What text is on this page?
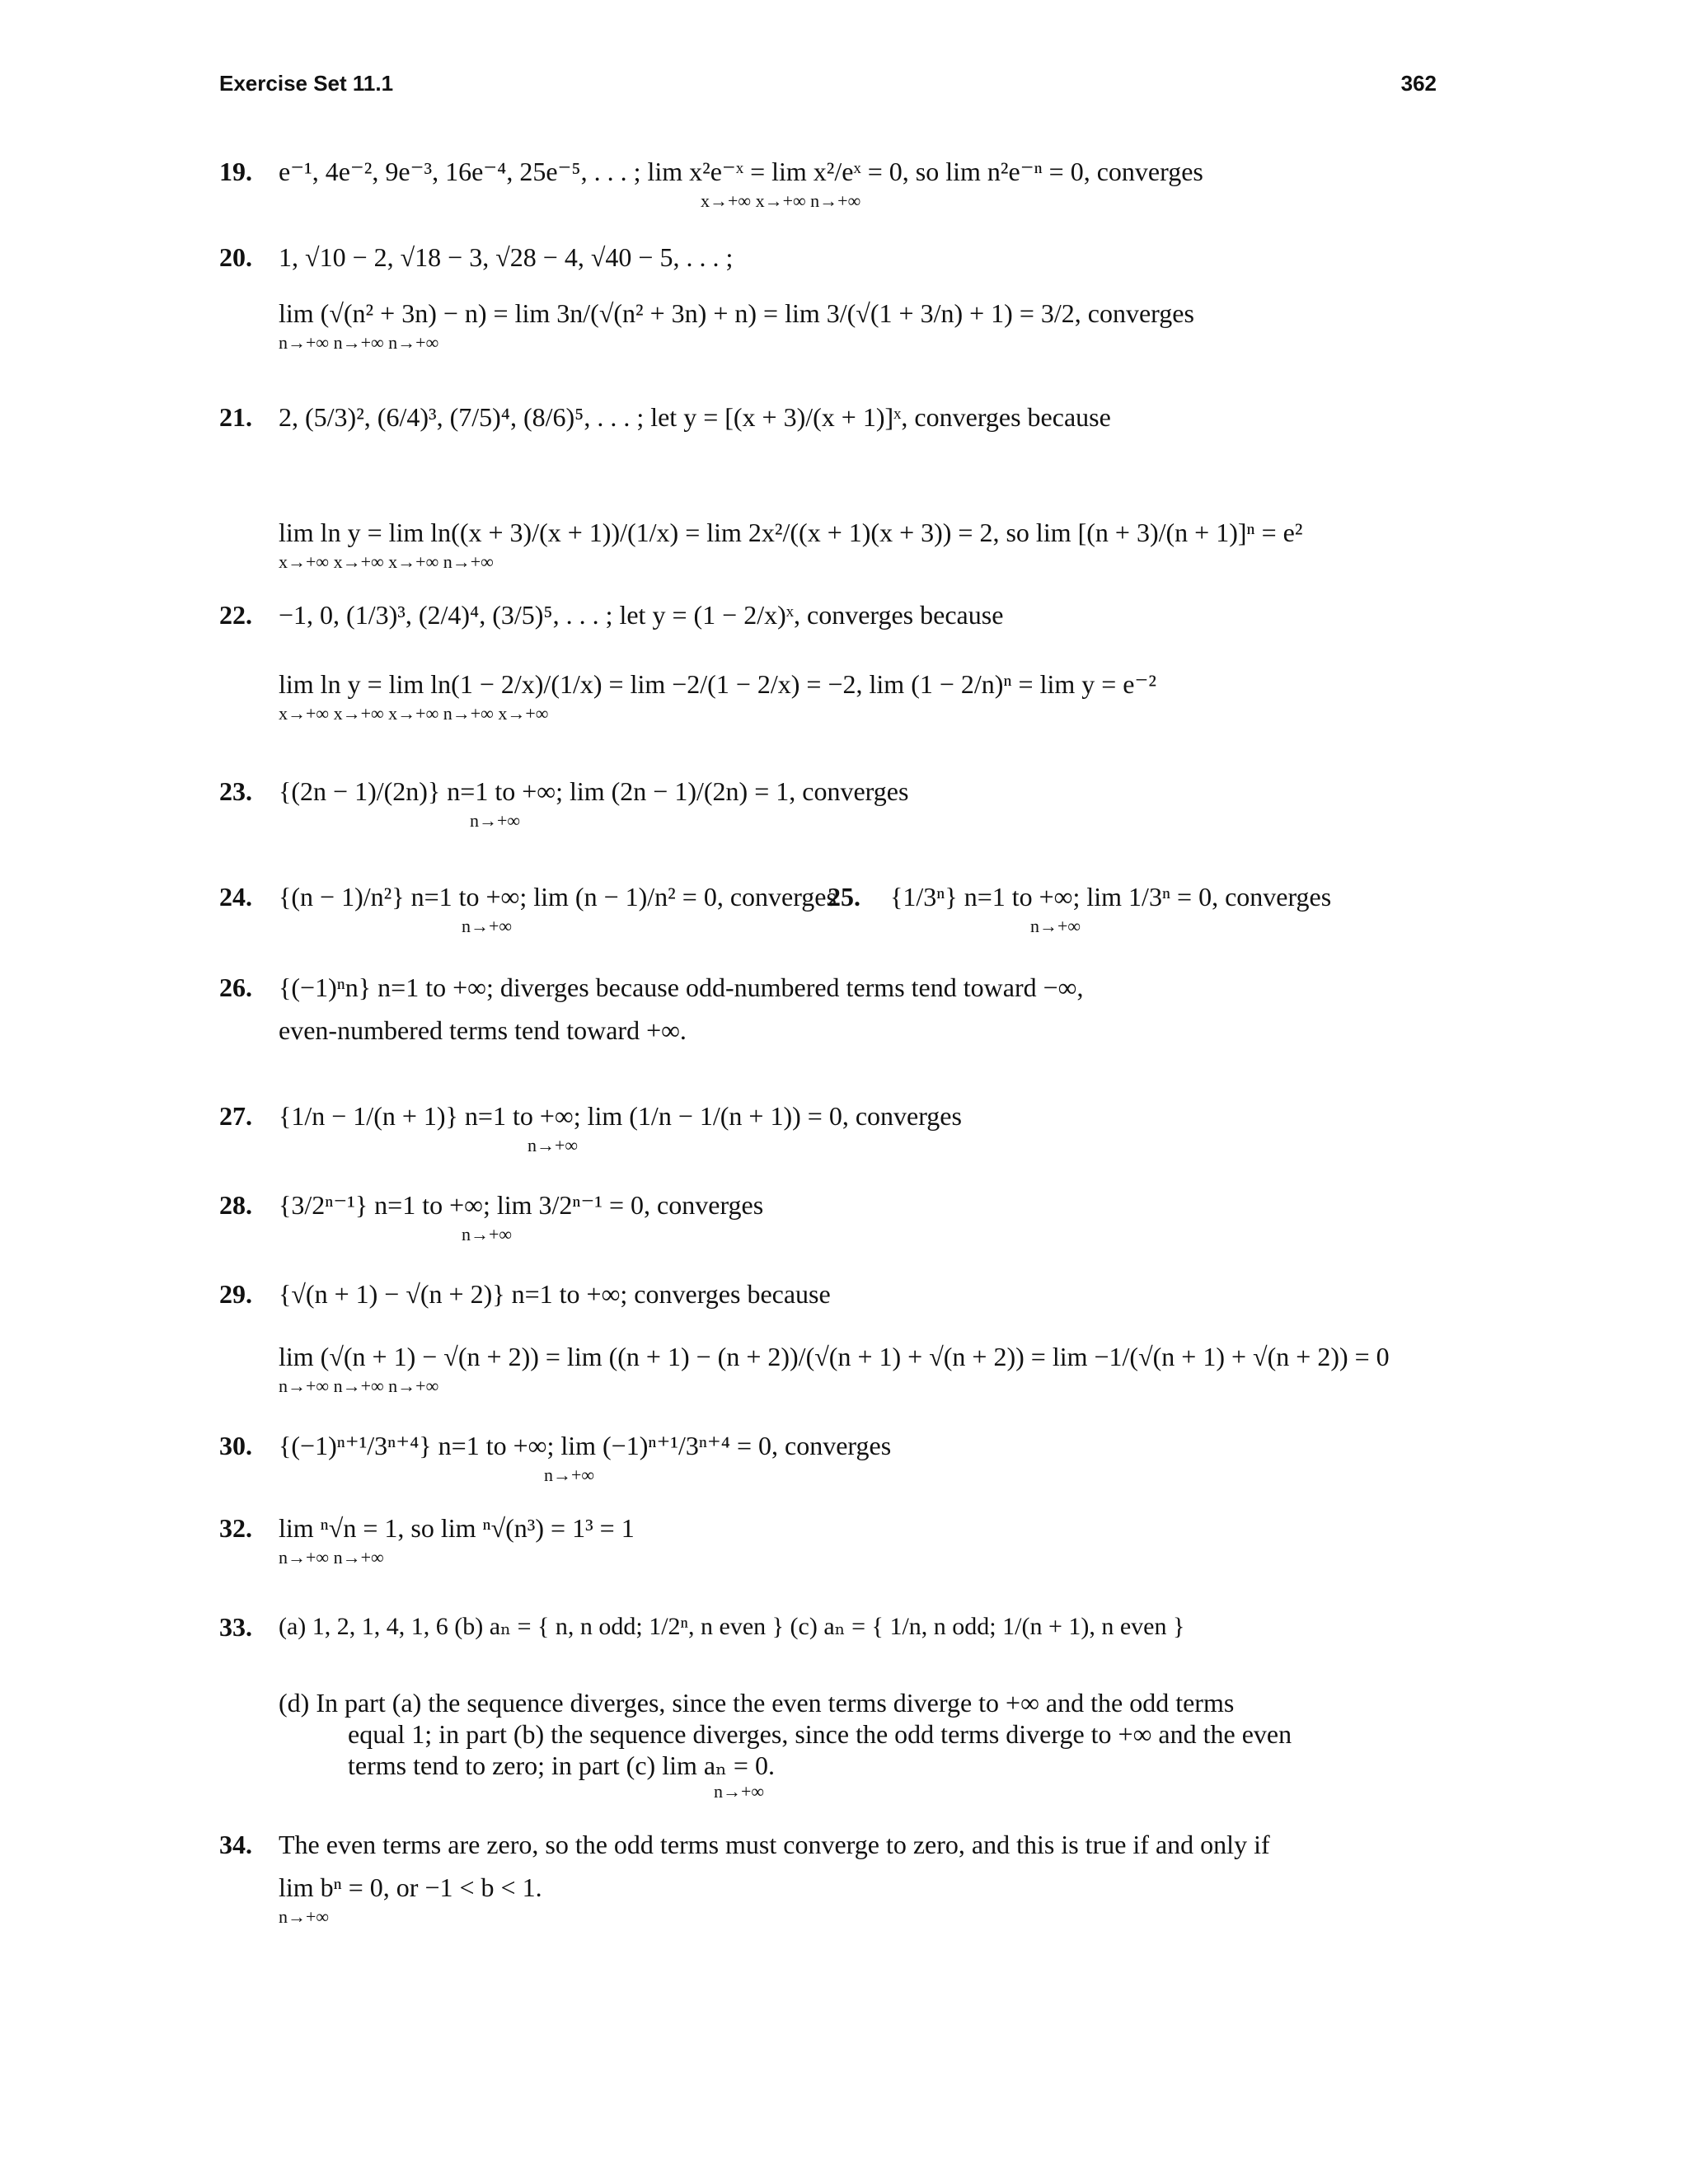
Exercise Set 11.1	362
19. e⁻¹, 4e⁻², 9e⁻³, 16e⁻⁴, 25e⁻⁵, . . . ; lim x²e⁻ˣ = lim x²/eˣ = 0, so lim n²e⁻ⁿ = 0, converges
x→+∞ x→+∞ n→+∞
20. 1, √10 − 2, √18 − 3, √28 − 4, √40 − 5, . . . ;
lim (√(n² + 3n) − n) = lim 3n/(√(n² + 3n) + n) = lim 3/(√(1 + 3/n) + 1) = 3/2, converges
n→+∞ n→+∞ n→+∞
21. 2, (5/3)², (6/4)³, (7/5)⁴, (8/6)⁵, . . . ; let y = [(x + 3)/(x + 1)]ˣ, converges because
lim ln y = lim ln((x + 3)/(x + 1))/(1/x) = lim 2x²/((x + 1)(x + 3)) = 2, so lim [(n + 3)/(n + 1)]ⁿ = e²
x→+∞ x→+∞ x→+∞ n→+∞
22. −1, 0, (1/3)³, (2/4)⁴, (3/5)⁵, . . . ; let y = (1 − 2/x)ˣ, converges because
lim ln y = lim ln(1 − 2/x)/(1/x) = lim −2/(1 − 2/x) = −2, lim (1 − 2/n)ⁿ = lim y = e⁻²
x→+∞ x→+∞ x→+∞ n→+∞ x→+∞
23. {(2n − 1)/(2n)} n=1 to +∞; lim (2n − 1)/(2n) = 1, converges
n→+∞
24. {(n − 1)/n²} n=1 to +∞; lim (n − 1)/n² = 0, converges
n→+∞
25. {1/3ⁿ} n=1 to +∞; lim 1/3ⁿ = 0, converges
n→+∞
26. {(−1)ⁿn} n=1 to +∞; diverges because odd-numbered terms tend toward −∞,
even-numbered terms tend toward +∞.
27. {1/n − 1/(n + 1)} n=1 to +∞; lim (1/n − 1/(n + 1)) = 0, converges
n→+∞
28. {3/2ⁿ⁻¹} n=1 to +∞; lim 3/2ⁿ⁻¹ = 0, converges
n→+∞
29. {√(n + 1) − √(n + 2)} n=1 to +∞; converges because
lim (√(n + 1) − √(n + 2)) = lim ((n + 1) − (n + 2))/(√(n + 1) + √(n + 2)) = lim −1/(√(n + 1) + √(n + 2)) = 0
n→+∞ n→+∞ n→+∞
30. {(−1)ⁿ⁺¹/3ⁿ⁺⁴} n=1 to +∞; lim (−1)ⁿ⁺¹/3ⁿ⁺⁴ = 0, converges
n→+∞
32. lim ⁿ√n = 1, so lim ⁿ√(n³) = 1³ = 1
n→+∞ n→+∞
33. (a) 1, 2, 1, 4, 1, 6 (b) aₙ = { n, n odd; 1/2ⁿ, n even } (c) aₙ = { 1/n, n odd; 1/(n + 1), n even }
(d) In part (a) the sequence diverges, since the even terms diverge to +∞ and the odd terms
equal 1; in part (b) the sequence diverges, since the odd terms diverge to +∞ and the even
terms tend to zero; in part (c) lim aₙ = 0.
n→+∞
34. The even terms are zero, so the odd terms must converge to zero, and this is true if and only if
lim bⁿ = 0, or −1 < b < 1.
n→+∞
